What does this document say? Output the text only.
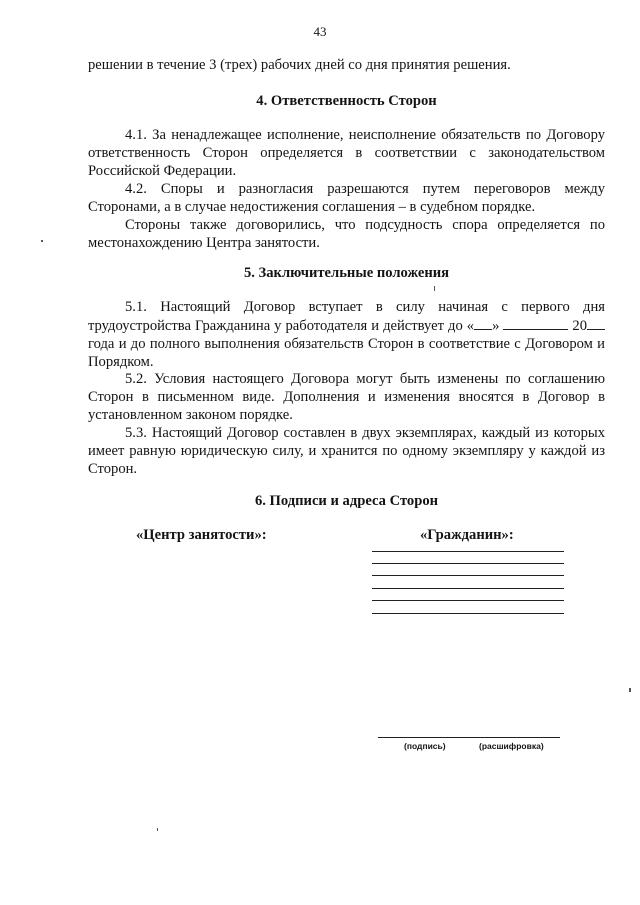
43
решении в течение 3 (трех) рабочих дней со дня принятия решения.
4. Ответственность Сторон
4.1. За ненадлежащее исполнение, неисполнение обязательств по Договору ответственность Сторон определяется в соответствии с законодательством Российской Федерации.
4.2. Споры и разногласия разрешаются путем переговоров между Сторонами, а в случае недостижения соглашения – в судебном порядке.
Стороны также договорились, что подсудность спора определяется по местонахождению Центра занятости.
5. Заключительные положения
5.1. Настоящий Договор вступает в силу начиная с первого дня трудоустройства Гражданина у работодателя и действует до « »	20года и до полного выполнения обязательств Сторон в соответствие с Договором и Порядком.
5.2. Условия настоящего Договора могут быть изменены по соглашению Сторон в письменном виде. Дополнения и изменения вносятся в Договор в установленном законом порядке.
5.3. Настоящий Договор составлен в двух экземплярах, каждый из которых имеет равную юридическую силу, и хранится по одному экземпляру у каждой из Сторон.
6. Подписи и адреса Сторон
«Центр занятости»:	«Гражданин»:
(подпись)	(расшифровка)
